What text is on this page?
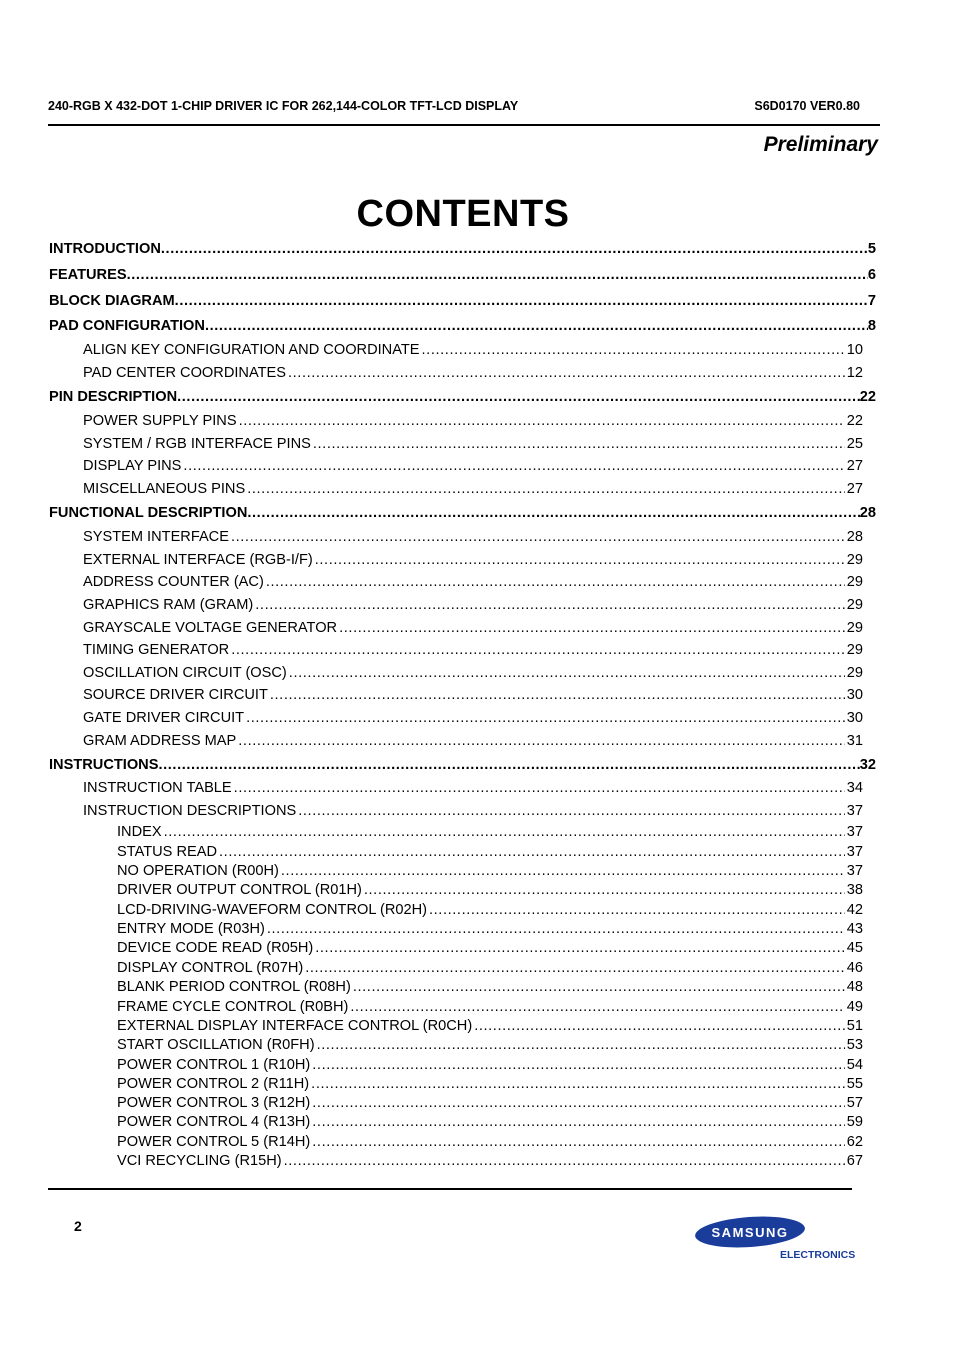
240-RGB X 432-DOT 1-CHIP DRIVER IC FOR 262,144-COLOR TFT-LCD DISPLAY	S6D0170 VER0.80
Preliminary
CONTENTS
INTRODUCTION .....	5
FEATURES .....	6
BLOCK DIAGRAM .....	7
PAD CONFIGURATION .....	8
ALIGN KEY CONFIGURATION AND COORDINATE .....	10
PAD CENTER COORDINATES .....	12
PIN DESCRIPTION .....	22
POWER SUPPLY PINS .....	22
SYSTEM / RGB INTERFACE PINS .....	25
DISPLAY PINS .....	27
MISCELLANEOUS PINS .....	27
FUNCTIONAL DESCRIPTION .....	28
SYSTEM INTERFACE .....	28
EXTERNAL INTERFACE (RGB-I/F) .....	29
ADDRESS COUNTER (AC) .....	29
GRAPHICS RAM (GRAM) .....	29
GRAYSCALE VOLTAGE GENERATOR .....	29
TIMING GENERATOR .....	29
OSCILLATION CIRCUIT (OSC) .....	29
SOURCE DRIVER CIRCUIT .....	30
GATE DRIVER CIRCUIT .....	30
GRAM ADDRESS MAP .....	31
INSTRUCTIONS .....	32
INSTRUCTION TABLE .....	34
INSTRUCTION DESCRIPTIONS .....	37
INDEX .....	37
STATUS READ .....	37
NO OPERATION (R00H) .....	37
DRIVER OUTPUT CONTROL (R01H) .....	38
LCD-DRIVING-WAVEFORM CONTROL (R02H) .....	42
ENTRY MODE (R03H) .....	43
DEVICE CODE READ (R05H) .....	45
DISPLAY CONTROL (R07H) .....	46
BLANK PERIOD CONTROL (R08H) .....	48
FRAME CYCLE CONTROL (R0BH) .....	49
EXTERNAL DISPLAY INTERFACE CONTROL (R0CH) .....	51
START OSCILLATION (R0FH) .....	53
POWER CONTROL 1 (R10H) .....	54
POWER CONTROL 2 (R11H) .....	55
POWER CONTROL 3 (R12H) .....	57
POWER CONTROL 4 (R13H) .....	59
POWER CONTROL 5 (R14H) .....	62
VCI RECYCLING (R15H) .....	67
2	SAMSUNG
ELECTRONICS
